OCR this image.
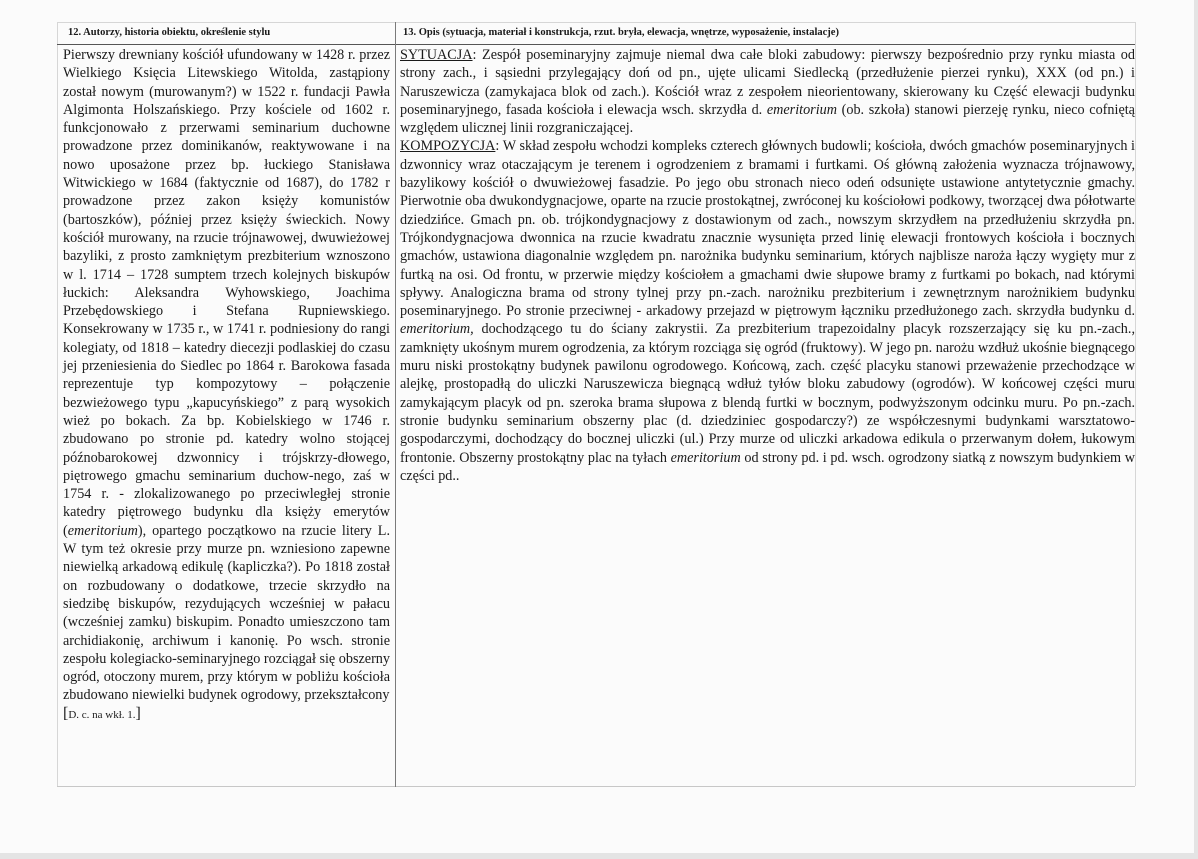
12. Autorzy, historia obiektu, określenie stylu

Pierwszy drewniany kościół ufundowany w 1428 r. przez Wielkiego Księcia Litewskiego Witolda, zastąpiony został nowym (murowanym?) w 1522 r. fundacji Pawła Algimonta Holszańskiego. Przy kościele od 1602 r. funkcjonowało z przerwami seminarium duchowne prowadzone przez dominikanów, reaktywowane i na nowo uposażone przez bp. łuckiego Stanisława Witwickiego w 1684 (faktycznie od 1687), do 1782 r prowadzone przez zakon księży komunistów (bartoszków), później przez księży świeckich. Nowy kościół murowany, na rzucie trójnawowej, dwuwieżowej bazyliki, z prosto zamkniętym prezbiterium wznoszono w l. 1714 – 1728 sumptem trzech kolejnych biskupów łuckich: Aleksandra Wyhowskiego, Joachima Przebędowskiego i Stefana Rupniewskiego. Konsekrowany w 1735 r., w 1741 r. podniesiony do rangi kolegiaty, od 1818 – katedry diecezji podlaskiej do czasu jej przeniesienia do Siedlec po 1864 r. Barokowa fasada reprezentuje typ kompozytowy – połączenie bezwieżowego typu „kapucyńskiego” z parą wysokich wież po bokach. Za bp. Kobielskiego w 1746 r. zbudowano po stronie pd. katedry wolno stojącej późnobarokowej dzwonnicy i trójskrzy-dłowego, piętrowego gmachu seminarium duchow-nego, zaś w 1754 r. - zlokalizowanego po przeciwległej stronie katedry piętrowego budynku dla księży emerytów (emeritorium), opartego początkowo na rzucie litery L. W tym też okresie przy murze pn. wzniesiono zapewne niewielką arkadową edikulę (kapliczka?). Po 1818 został on rozbudowany o dodatkowe, trzecie skrzydło na siedzibę biskupów, rezydujących wcześniej w pałacu (wcześniej zamku) biskupim. Ponadto umieszczono tam archidiakonię, archiwum i kanonię. Po wsch. stronie zespołu kolegiacko-seminaryjnego rozciągał się obszerny ogród, otoczony murem, przy którym w pobliżu kościoła zbudowano niewielki budynek ogrodowy, przekształcony

[D. c. na wkł. 1.]

13. Opis (sytuacja, materiał i konstrukcja, rzut. bryła, elewacja, wnętrze, wyposażenie, instalacje)

SYTUACJA: Zespół poseminaryjny zajmuje niemal dwa całe bloki zabudowy: pierwszy bezpośrednio przy rynku miasta od strony zach., i sąsiedni przylegający doń od pn., ujęte ulicami Siedlecką (przedłużenie pierzei rynku), XXX (od pn.) i Naruszewicza (zamykajaca blok od zach.). Kościół wraz z zespołem nieorientowany, skierowany ku Część elewacji budynku poseminaryjnego, fasada kościoła i elewacja wsch. skrzydła d. emeritorium (ob. szkoła) stanowi pierzeję rynku, nieco cofniętą względem ulicznej linii rozgraniczającej.

KOMPOZYCJA: W skład zespołu wchodzi kompleks czterech głównych budowli; kościoła, dwóch gmachów poseminaryjnych i dzwonnicy wraz otaczającym je terenem i ogrodzeniem z bramami i furtkami. Oś główną założenia wyznacza trójnawowy, bazylikowy kościół o dwuwieżowej fasadzie. Po jego obu stronach nieco odeń odsunięte ustawione antytetycznie gmachy. Pierwotnie oba dwukondygnacjowe, oparte na rzucie prostokątnej, zwróconej ku kościołowi podkowy, tworzącej dwa półotwarte dziedzińce. Gmach pn. ob. trójkondygnacjowy z dostawionym od zach., nowszym skrzydłem na przedłużeniu skrzydła pn. Trójkondygnacjowa dwonnica na rzucie kwadratu znacznie wysunięta przed linię elewacji frontowych kościoła i bocznych gmachów, ustawiona diagonalnie względem pn. narożnika budynku seminarium, których najblisze naroża łączy wygięty mur z furtką na osi. Od frontu, w przerwie między kościołem a gmachami dwie słupowe bramy z furtkami po bokach, nad którymi spływy. Analogiczna brama od strony tylnej przy pn.-zach. narożniku prezbiterium i zewnętrznym narożnikiem budynku poseminaryjnego. Po stronie przeciwnej - arkadowy przejazd w piętrowym łączniku przedłużonego zach. skrzydła budynku d. emeritorium, dochodzącego tu do ściany zakrystii. Za prezbiterium trapezoidalny placyk rozszerzający się ku pn.-zach., zamknięty ukośnym murem ogrodzenia, za którym rozciąga się ogród (fruktowy). W jego pn. narożu wzdłuż ukośnie biegnącego muru niski prostokątny budynek pawilonu ogrodowego. Końcową, zach. część placyku stanowi przeważenie przechodzące w alejkę, prostopadłą do uliczki Naruszewicza biegnącą wdłuż tyłów bloku zabudowy (ogrodów). W końcowej części muru zamykającym placyk od pn. szeroka brama słupowa z blendą furtki w bocznym, podwyższonym odcinku muru. Po pn.-zach. stronie budynku seminarium obszerny plac (d. dziedziniec gospodarczy?) ze współczesnymi budynkami warsztatowo-gospodarczymi, dochodzący do bocznej uliczki (ul.) Przy murze od uliczki arkadowa edikula o przerwanym dołem, łukowym frontonie. Obszerny prostokątny plac na tyłach emeritorium od strony pd. i pd. wsch. ogrodzony siatką z nowszym budynkiem w części pd..
